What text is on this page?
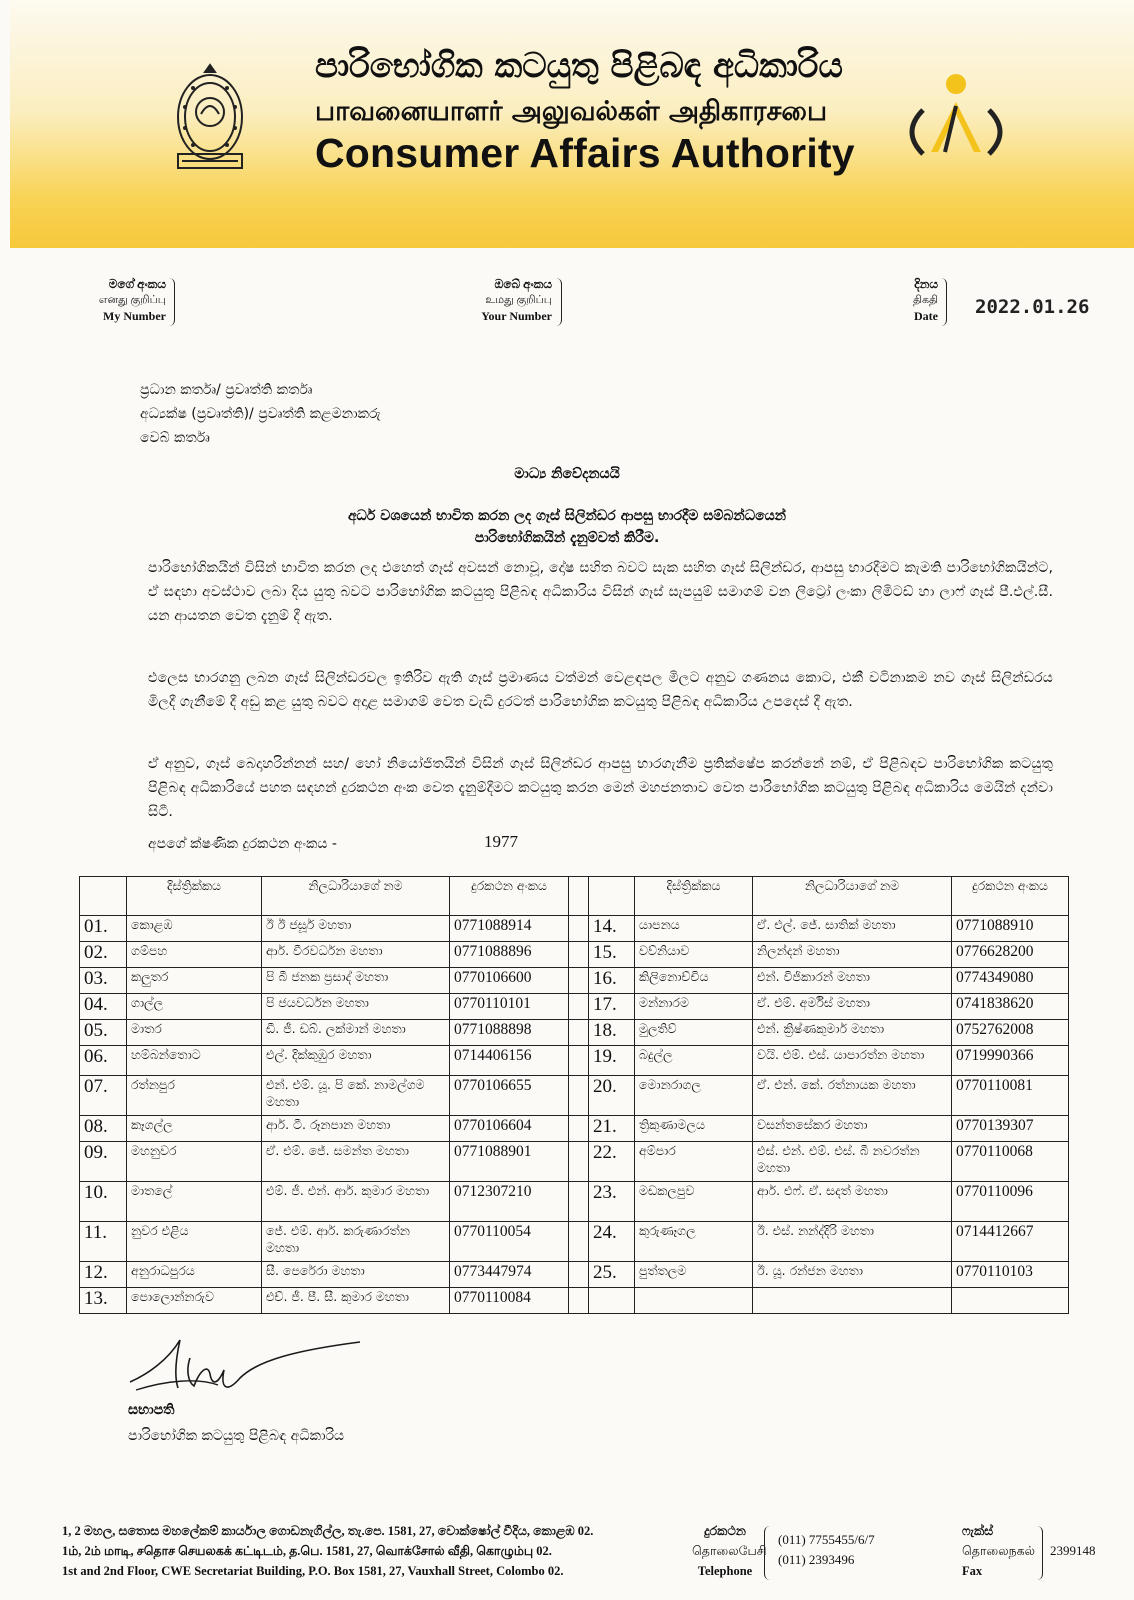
පාරිභෝගික කටයුතු පිළිබඳ අධිකාරිය
பாவனையாளர் அலுவல்கள் அதிகாரசபை
Consumer Affairs Authority
මගේ අංකය
எனது குறிப்பு
My Number
ඔබේ අංකය
உமது குறிப்பு
Your Number
දිනය
திகதி
Date 2022.01.26
ප්‍රධාන කර්තෘ/ ප්‍රවෘත්ති කර්තෘ
අධ්‍යක්ෂ (ප්‍රවෘත්ති)/ ප්‍රවෘත්ති කළමනාකරු
වෙබ් කර්තෘ
මාධ්‍ය නිවේදනයයි
අර්ධ වශයෙන් භාවිත කරන ලද ගෑස් සිලින්ඩර ආපසු භාරදීම සම්බන්ධයෙන්
පාරිභෝගිකයින් දැනුම්වත් කිරීම.
පාරිභෝගිකයින් විසින් භාවිත කරන ලද එහෙත් ගෑස් අවසන් නොවූ, දෝෂ සහිත බවට සැක සහිත ගෑස් සිලින්ඩර, ආපසු භාරදීමට කැමති පාරිභෝගිකයින්ට, ඒ සඳහා අවස්ථාව ලබා දිය යුතු බවට පාරිභෝගික කටයුතු පිළිබඳ අධිකාරිය විසින් ගෑස් සැපයුම් සමාගම් වන ලිට්‍රෝ ලංකා ලිමිටඩ් හා ලාෆ් ගෑස් පී.එල්.සී. යන ආයතන වෙත දැනුම් දී ඇත.
එලෙස භාරගනු ලබන ගෑස් සිලින්ඩරවල ඉතිරිව ඇති ගෑස් ප්‍රමාණය වත්මන් වෙළඳපල මිලට අනුව ගණනය කොට, එකී වටිනාකම නව ගෑස් සිලින්ඩරය මිලදී ගැනීමේ දී අඩු කළ යුතු බවට අදාළ සමාගම් වෙත වැඩි දුරටත් පාරිභෝගික කටයුතු පිළිබඳ අධිකාරිය උපදෙස් දී ඇත.
ඒ අනුව, ගෑස් බෙදාහරින්නන් සහ/ හෝ නියෝජිතයින් විසින් ගෑස් සිලින්ඩර ආපසු භාරගැනීම ප්‍රතික්ෂේප කරන්නේ නම්, ඒ පිළිබඳව පාරිභෝගික කටයුතු පිළිබඳ අධිකාරියේ පහත සඳහන් දුරකථන අංක වෙත දැනුම්දීමට කටයුතු කරන මෙන් මහජනතාව වෙත පාරිභෝගික කටයුතු පිළිබඳ අධිකාරිය මෙයින් දන්වා සිටී.
අපගේ ක්ෂණික දුරකථන අංකය -	1977
	දිස්ත්‍රික්කය	නිලධාරියාගේ නම	දුරකථන අංකය			දිස්ත්‍රික්කය	නිලධාරියාගේ නම	දුරකථන අංකය
01.	කොළඹ	ඊ ඊ ජසූර් මහතා	0771088914		14.	යාපනය	ඒ. එල්. ජේ. සාතික් මහතා	0771088910
02.	ගම්පහ	ආර්. වීරවර්ධන මහතා	0771088896		15.	වව්නියාව	නිලන්දන් මහතා	0776628200
03.	කලුතර	පි බී ජනක ප්‍රසාද් මහතා	0770106600		16.	කිලිනොච්චිය	එන්. විජිකාරන් මහතා	0774349080
04.	ගාල්ල	පි ජයවර්ධන මහතා	0770110101		17.	මන්නාරම	ඒ. එම්. අර්මිස් මහතා	0741838620
05.	මාතර	ඩී. ජී. ඩබ්. ලක්මාන් මහතා	0771088898		18.	මුලතිව්	එන්. ක්‍රිෂ්ණකුමාර් මහතා	0752762008
06.	හම්බන්තොට	එල්. දික්කුඹුර මහතා	0714406156		19.	බදුල්ල	වයි. එම්. එස්. යාපාරත්න මහතා	0719990366
07.	රත්නපුර	එන්. එම්. යූ. පි කේ. නාමල්ගම මහතා	0770106655		20.	මොනරාගල	ඒ. එන්. කේ. රත්නායක මහතා	0770110081
08.	කෑගල්ල	ආර්. ටී. රූනපාන මහතා	0770106604		21.	ත්‍රිකුණාමලය	වසන්තසේකර මහතා	0770139307
09.	මහනුවර	ඒ. එම්. ජේ. සමන්ත මහතා	0771088901		22.	අම්පාර	එස්. එන්. එම්. එස්. බී නවරත්න මහතා	0770110068
10.	මාතලේ	එම්. ජී. එන්. ආර්. කුමාර මහතා	0712307210		23.	මඩකලපුව	ආර්. එෆ්. ඒ. සදත් මහතා	0770110096
11.	නුවර එළිය	ජේ. එම්. ආර්. කරුණාරත්න මහතා	0770110054		24.	කුරුණෑගල	ඊ. එස්. නන්ද්දිරි මහතා	0714412667
12.	අනුරාධපුරය	සී. පෙරේරා මහතා	0773447974		25.	පුත්තලම	ඊ. යූ. රන්ජන මහතා	0770110103
13.	පොලොන්නරුව	එච්. ජී. පී. සී. කුමාර මහතා	0770110084					
සභාපති
පාරිභෝගික කටයුතු පිළිබඳ අධිකාරිය
1, 2 මහල, සතොස මහලේකම් කාර්යාල ගොඩනැගිල්ල, තැ.පෙ. 1581, 27, වොක්ෂෝල් වීදිය, කොළඹ 02.
1ம், 2ம் மாடி, சதொச செயலகக் கட்டிடம், த.பெ. 1581, 27, வொக்சோல் வீதி, கொழும்பு 02.
1st and 2nd Floor, CWE Secretariat Building, P.O. Box 1581, 27, Vauxhall Street, Colombo 02.
දුරකථන
தொலைபேசி
Telephone
(011) 7755455/6/7
(011) 2393496
ෆැක්ස්
தொலைநகல்
Fax
2399148
